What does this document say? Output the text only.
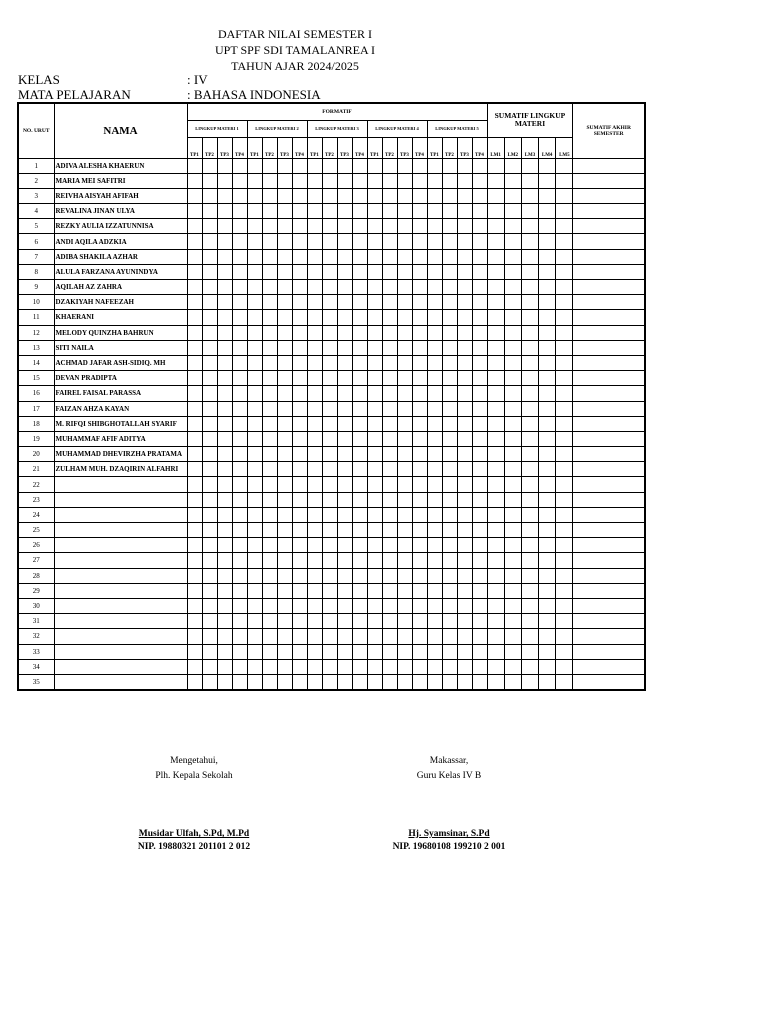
DAFTAR NILAI SEMESTER I
UPT SPF SDI TAMALANREA I
TAHUN AJAR 2024/2025
KELAS	: IV
MATA PELAJARAN	: BAHASA INDONESIA
NO. URUT	NAMA	FORMATIF																				SUMATIF LINGKUP MATERI					SUMATIF AKHIR SEMESTER
		LINGKUP MATERI 1				LINGKUP MATERI 2				LINGKUP MATERI 3				LINGKUP MATERI 4				LINGKUP MATERI 5									
		TP1	TP2	TP3	TP4	TP1	TP2	TP3	TP4	TP1	TP2	TP3	TP4	TP1	TP2	TP3	TP4	TP1	TP2	TP3	TP4	LM1	LM2	LM3	LM4	LM5	
1	ADIVA ALESHA KHAERUN																										
2	MARIA MEI SAFITRI																										
3	REIVHA AISYAH AFIFAH																										
4	REVALINA JINAN ULYA																										
5	REZKY AULIA IZZATUNNISA																										
6	ANDI AQILA ADZKIA																										
7	ADIBA SHAKILA AZHAR																										
8	ALULA FARZANA AYUNINDYA																										
9	AQILAH AZ ZAHRA																										
10	DZAKIYAH NAFEEZAH																										
11	KHAERANI																										
12	MELODY QUINZHA BAHRUN																										
13	SITI NAILA																										
14	ACHMAD JAFAR ASH-SIDIQ. MH																										
15	DEVAN PRADIPTA																										
16	FAIREL FAISAL PARASSA																										
17	FAIZAN AHZA KAYAN																										
18	M. RIFQI SHIBGHOTALLAH SYARIF																										
19	MUHAMMAF AFIF ADITYA																										
20	MUHAMMAD DHEVIRZHA PRATAMA																										
21	ZULHAM MUH. DZAQIRIN ALFAHRI																										
22																											
23																											
24																											
25																											
26																											
27																											
28																											
29																											
30																											
31																											
32																											
33																											
34																											
35																											
Mengetahui,
Plh. Kepala Sekolah
Musidar Ulfah, S.Pd, M.Pd
NIP. 19880321 201101 2 012
Makassar,
Guru Kelas IV B
Hj. Syamsinar, S.Pd
NIP. 19680108 199210 2 001
